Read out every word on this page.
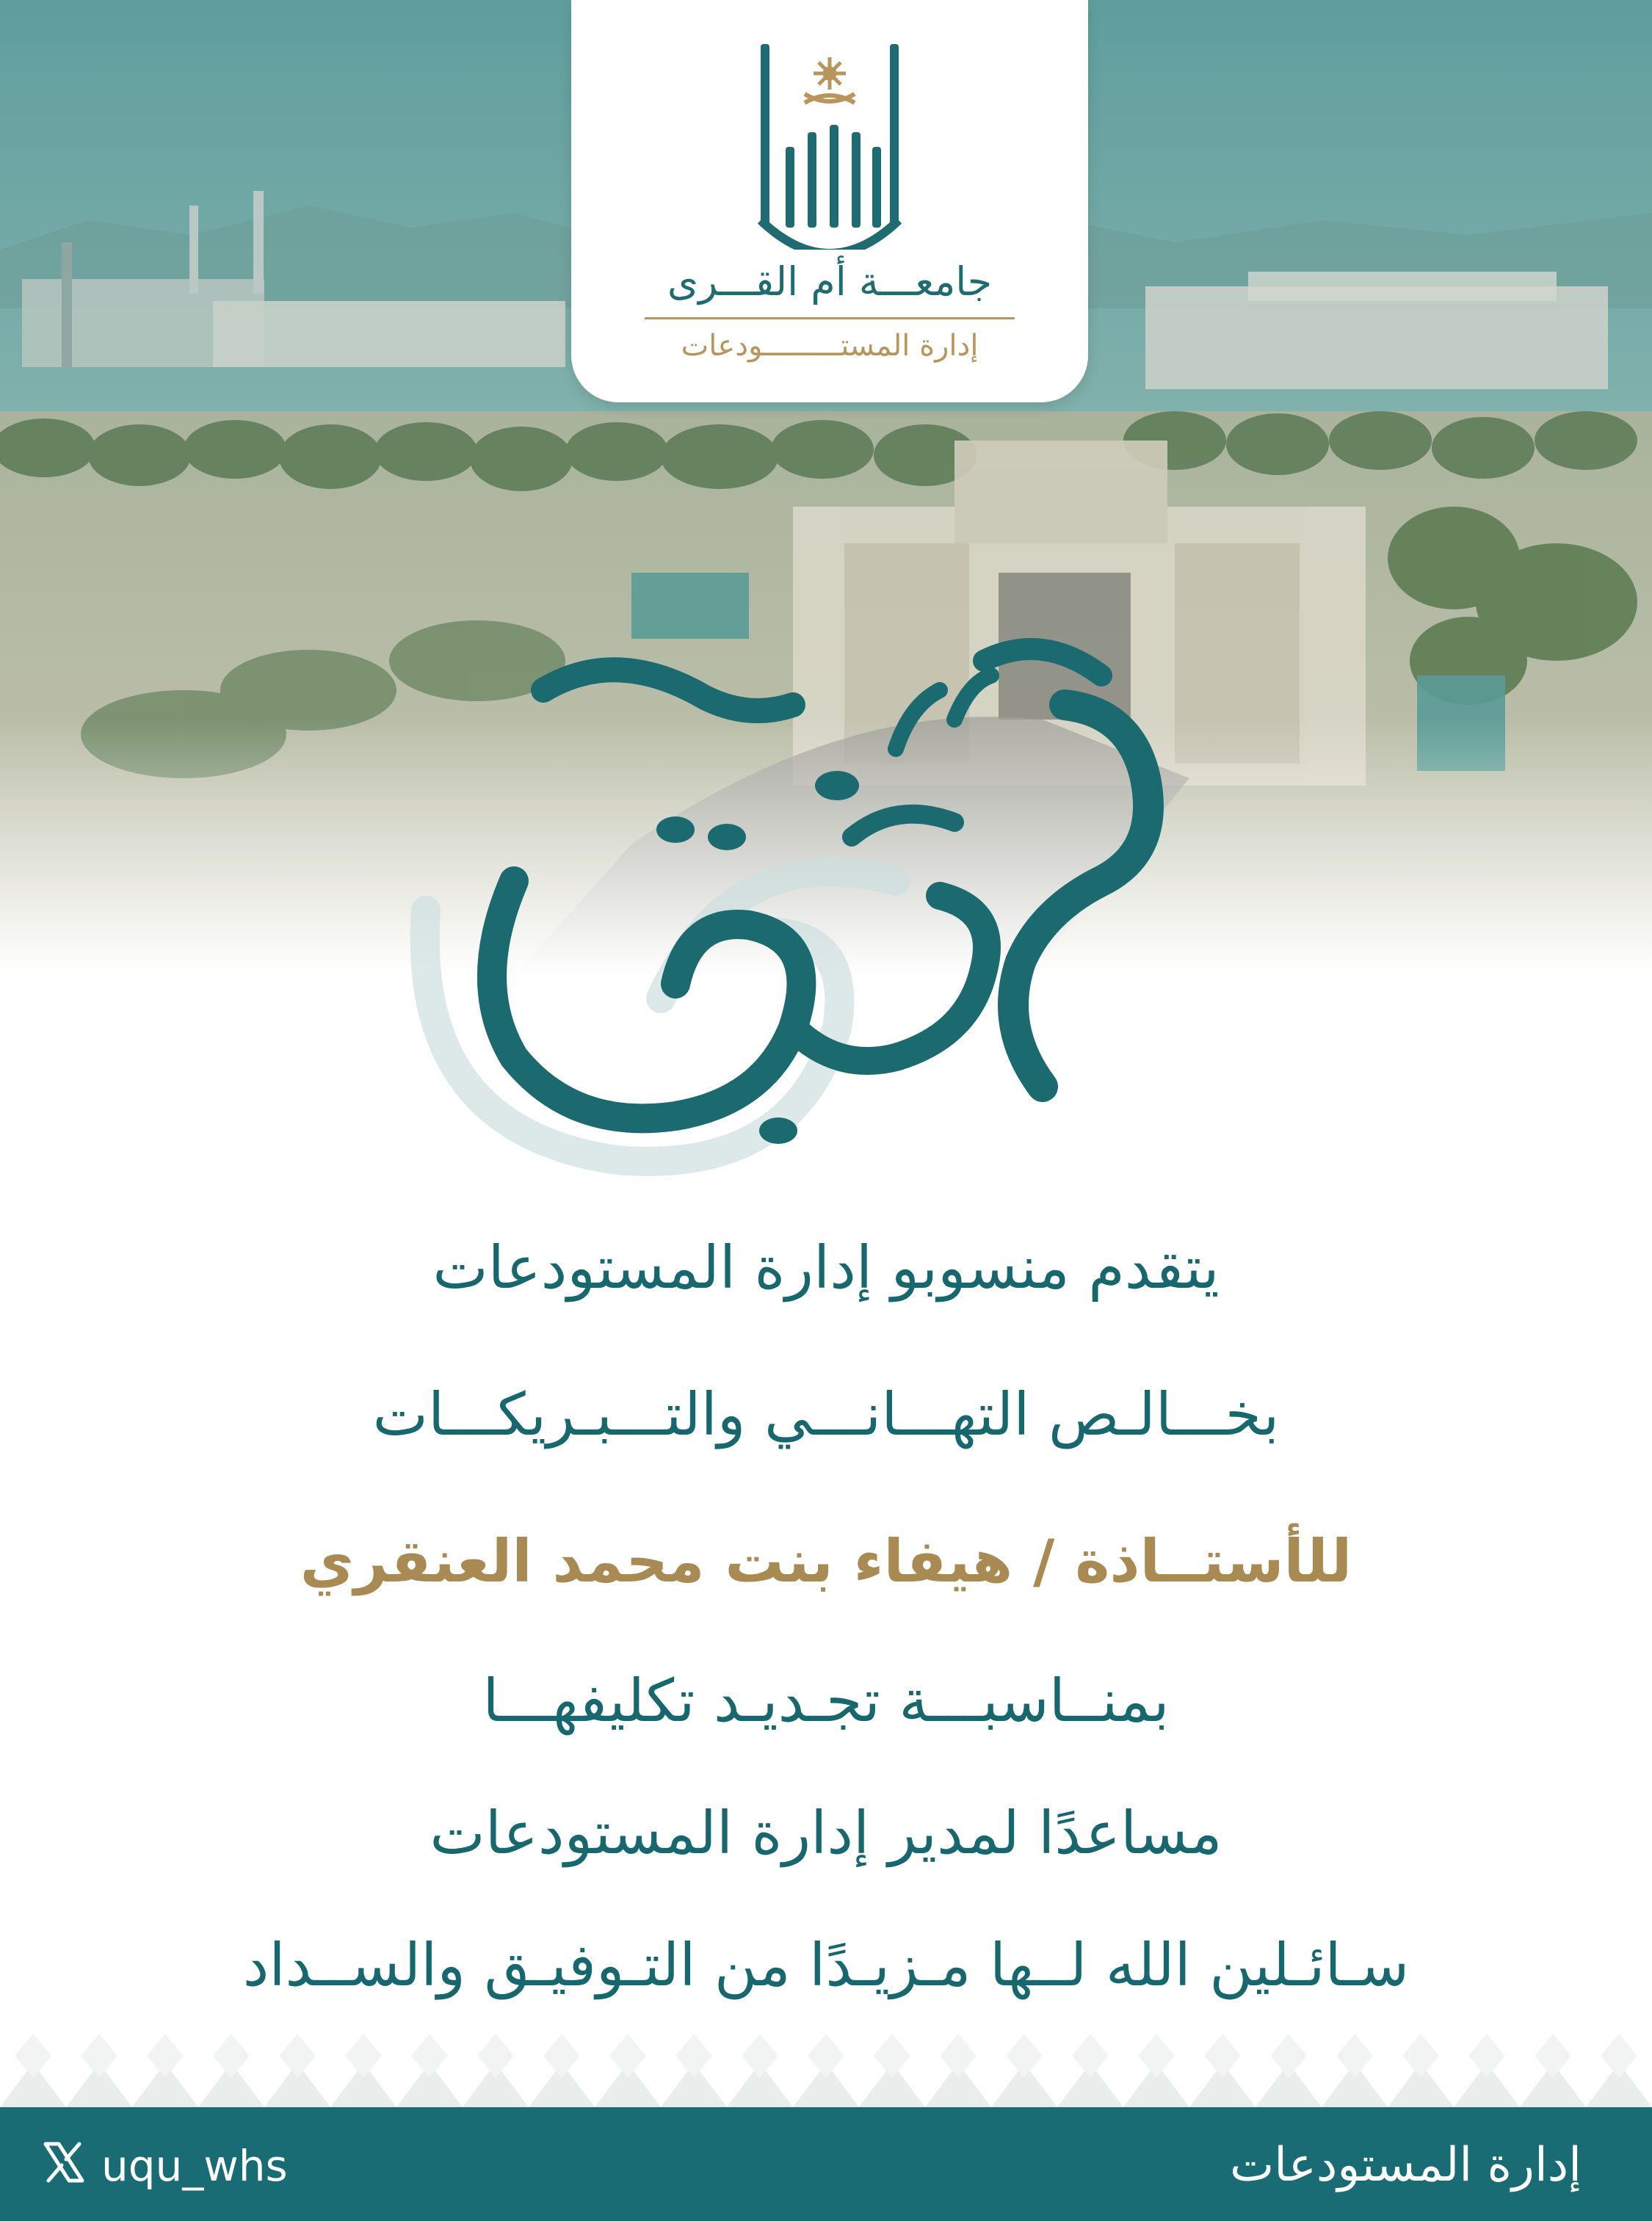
جامعـــة أم القـــرى
إدارة المستـــــــــودعات
يتقدم منسوبو إدارة المستودعات
بخـــالـص التهـــانـــي والتـــبـريكـــات
للأستــاذة / هيفاء بنت محمد العنقري
بمنــاسبـــة تجـديـد تكليفهـــا
مساعدًا لمدير إدارة المستودعات
سـائـلين الله لــها مـزيـدًا من التـوفيـق والســداد
uqu_whs	إدارة المستودعات
